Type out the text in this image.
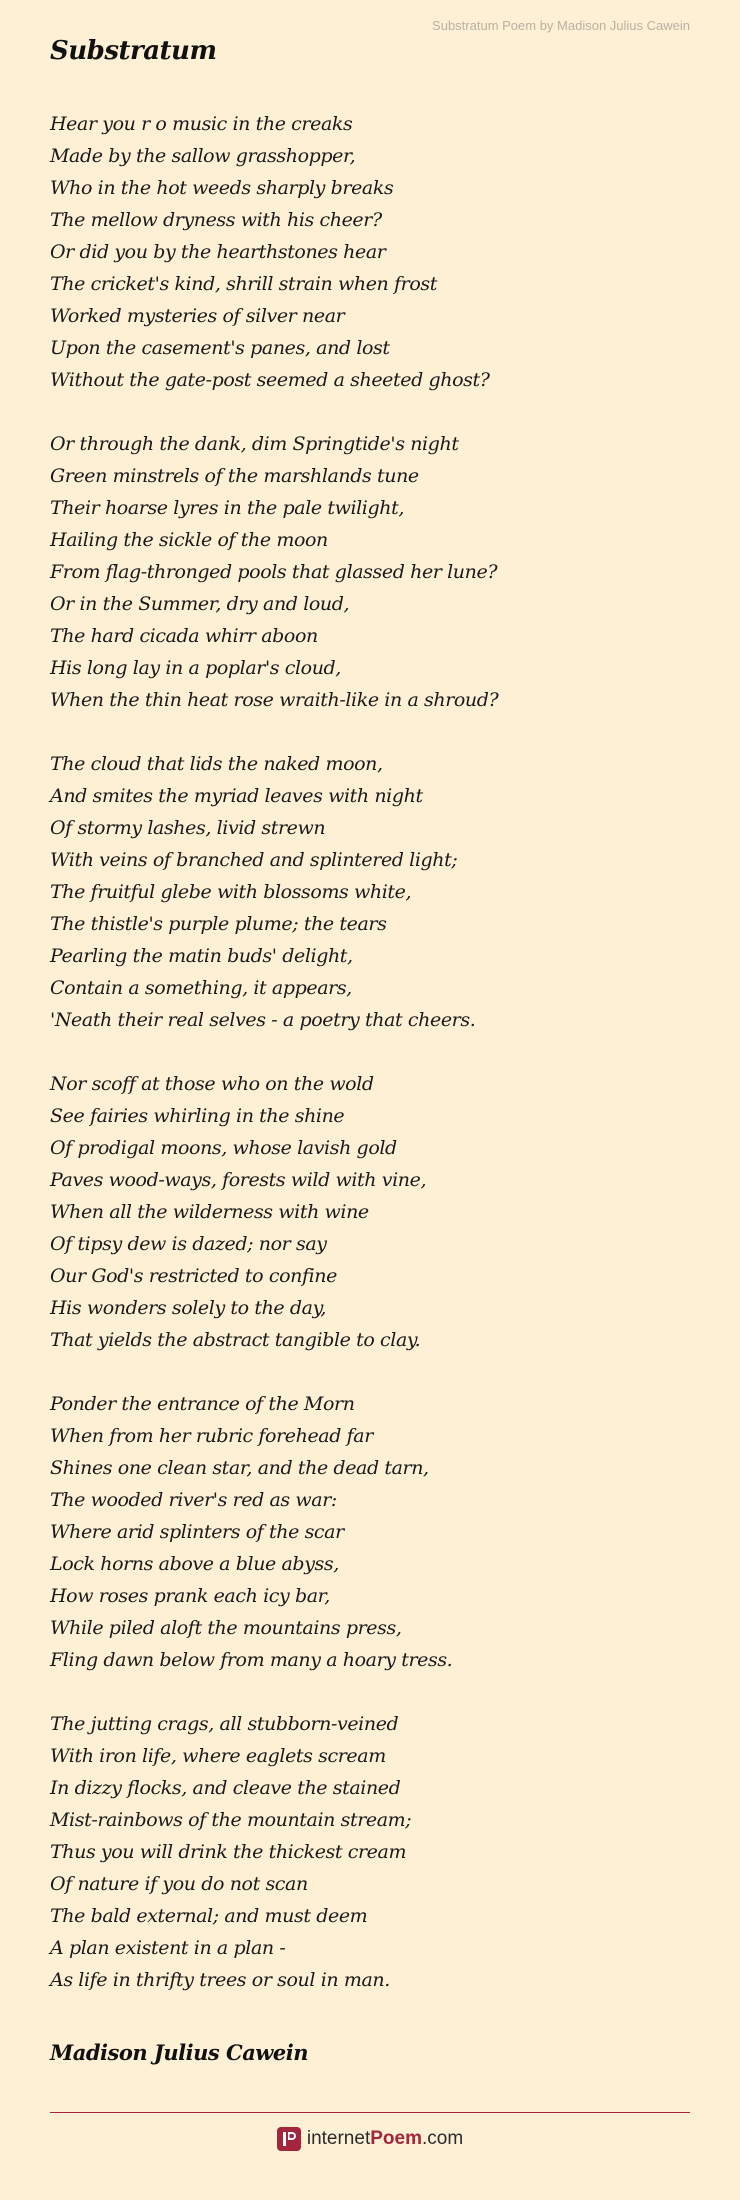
Substratum Poem by Madison Julius Cawein
Substratum
Hear you r o music in the creaks
Made by the sallow grasshopper,
Who in the hot weeds sharply breaks
The mellow dryness with his cheer?
Or did you by the hearthstones hear
The cricket's kind, shrill strain when frost
Worked mysteries of silver near
Upon the casement's panes, and lost
Without the gate-post seemed a sheeted ghost?
Or through the dank, dim Springtide's night
Green minstrels of the marshlands tune
Their hoarse lyres in the pale twilight,
Hailing the sickle of the moon
From flag-thronged pools that glassed her lune?
Or in the Summer, dry and loud,
The hard cicada whirr aboon
His long lay in a poplar's cloud,
When the thin heat rose wraith-like in a shroud?
The cloud that lids the naked moon,
And smites the myriad leaves with night
Of stormy lashes, livid strewn
With veins of branched and splintered light;
The fruitful glebe with blossoms white,
The thistle's purple plume; the tears
Pearling the matin buds' delight,
Contain a something, it appears,
'Neath their real selves - a poetry that cheers.
Nor scoff at those who on the wold
See fairies whirling in the shine
Of prodigal moons, whose lavish gold
Paves wood-ways, forests wild with vine,
When all the wilderness with wine
Of tipsy dew is dazed; nor say
Our God's restricted to confine
His wonders solely to the day,
That yields the abstract tangible to clay.
Ponder the entrance of the Morn
When from her rubric forehead far
Shines one clean star, and the dead tarn,
The wooded river's red as war:
Where arid splinters of the scar
Lock horns above a blue abyss,
How roses prank each icy bar,
While piled aloft the mountains press,
Fling dawn below from many a hoary tress.
The jutting crags, all stubborn-veined
With iron life, where eaglets scream
In dizzy flocks, and cleave the stained
Mist-rainbows of the mountain stream;
Thus you will drink the thickest cream
Of nature if you do not scan
The bald external; and must deem
A plan existent in a plan -
As life in thrifty trees or soul in man.
Madison Julius Cawein
internetPoem.com
